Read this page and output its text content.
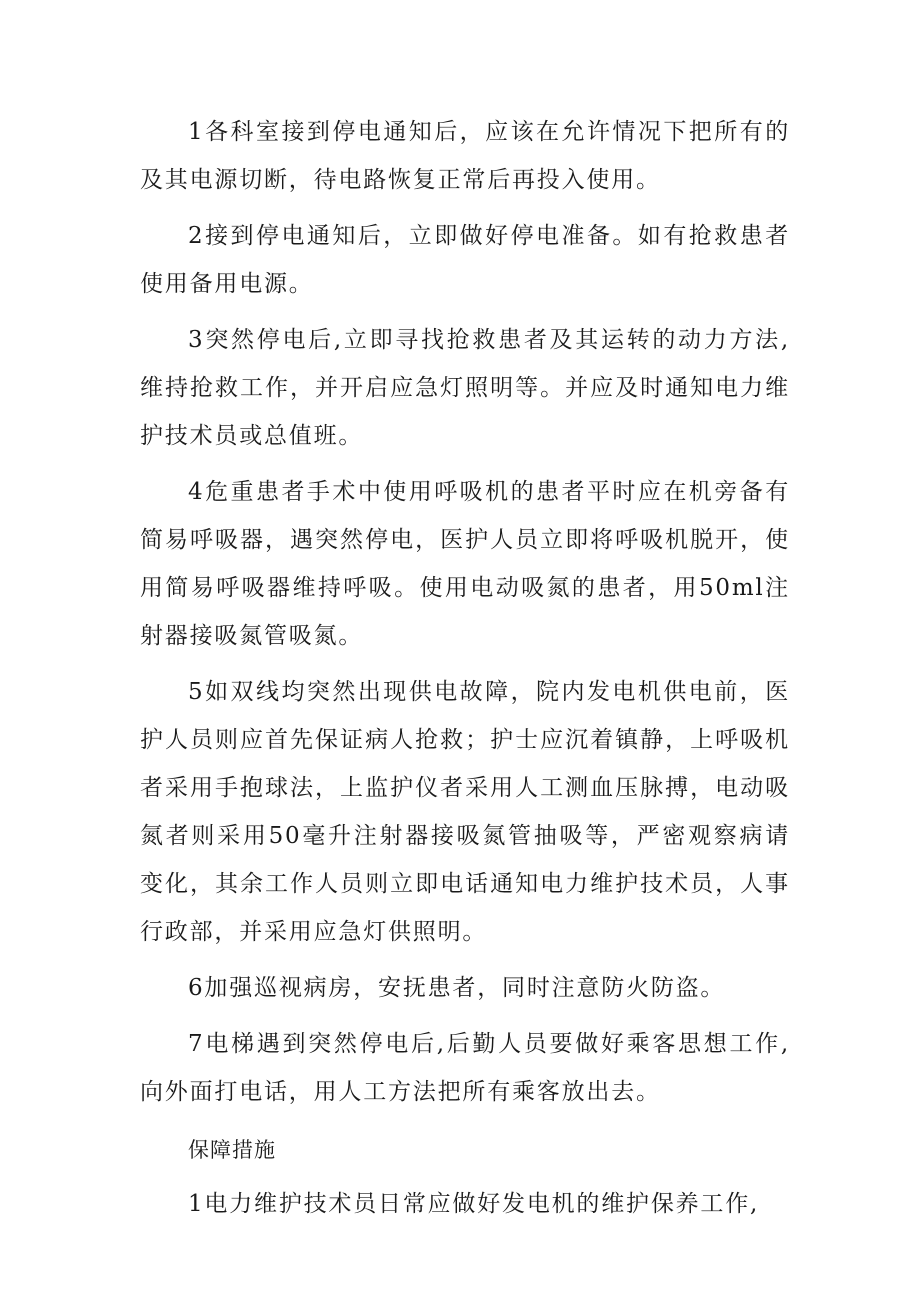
1各科室接到停电通知后，应该在允许情况下把所有的及其电源切断，待电路恢复正常后再投入使用。

2接到停电通知后，立即做好停电准备。如有抢救患者使用备用电源。

3突然停电后,立即寻找抢救患者及其运转的动力方法,维持抢救工作，并开启应急灯照明等。并应及时通知电力维护技术员或总值班。

4危重患者手术中使用呼吸机的患者平时应在机旁备有简易呼吸器，遇突然停电，医护人员立即将呼吸机脱开，使用简易呼吸器维持呼吸。使用电动吸氮的患者，用50ml注射器接吸氮管吸氮。

5如双线均突然出现供电故障，院内发电机供电前，医护人员则应首先保证病人抢救；护士应沉着镇静，上呼吸机者采用手抱球法，上监护仪者采用人工测血压脉搏，电动吸氮者则采用50毫升注射器接吸氮管抽吸等，严密观察病请变化，其余工作人员则立即电话通知电力维护技术员，人事行政部，并采用应急灯供照明。

6加强巡视病房，安抚患者，同时注意防火防盗。

7电梯遇到突然停电后,后勤人员要做好乘客思想工作,向外面打电话，用人工方法把所有乘客放出去。

保障措施

1电力维护技术员日常应做好发电机的维护保养工作,
